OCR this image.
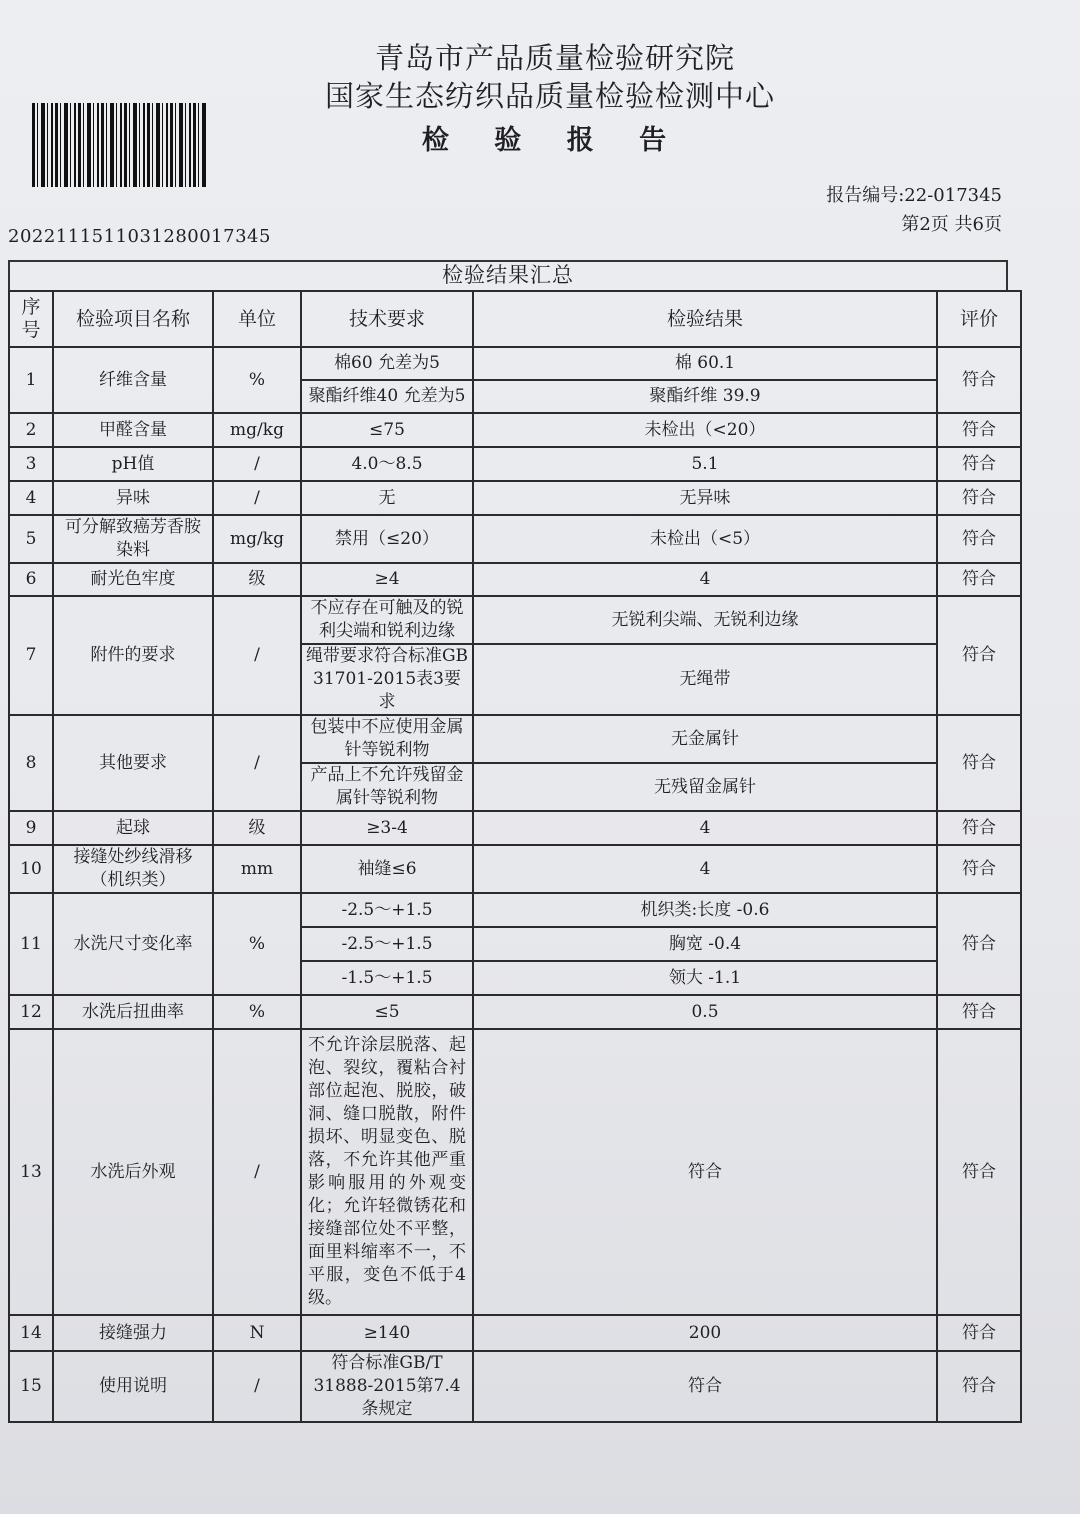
青岛市产品质量检验研究院
国家生态纺织品质量检验检测中心
检 验 报 告
2022111511031280017345
报告编号:22-017345
第2页 共6页
检验结果汇总
序号	检验项目名称	单位	技术要求	检验结果	评价
1	纤维含量	%	棉60 允差为5	棉 60.1	符合
			聚酯纤维40 允差为5	聚酯纤维 39.9	
2	甲醛含量	mg/kg	≤75	未检出（<20）	符合
3	pH值	/	4.0～8.5	5.1	符合
4	异味	/	无	无异味	符合
5	可分解致癌芳香胺染料	mg/kg	禁用（≤20）	未检出（<5）	符合
6	耐光色牢度	级	≥4	4	符合
7	附件的要求	/	不应存在可触及的锐利尖端和锐利边缘	无锐利尖端、无锐利边缘	符合
			绳带要求符合标准GB 31701-2015表3要求	无绳带	
8	其他要求	/	包装中不应使用金属针等锐利物	无金属针	符合
			产品上不允许残留金属针等锐利物	无残留金属针	
9	起球	级	≥3-4	4	符合
10	接缝处纱线滑移（机织类）	mm	袖缝≤6	4	符合
11	水洗尺寸变化率	%	-2.5～+1.5	机织类:长度 -0.6	符合
			-2.5～+1.5	胸宽 -0.4	
			-1.5～+1.5	领大 -1.1	
12	水洗后扭曲率	%	≤5	0.5	符合
13	水洗后外观	/	不允许涂层脱落、起泡、裂纹，覆粘合衬部位起泡、脱胶，破洞、缝口脱散，附件损坏、明显变色、脱落，不允许其他严重影响服用的外观变化；允许轻微锈花和接缝部位处不平整，面里料缩率不一，不平服，变色不低于4级。	符合	符合
14	接缝强力	N	≥140	200	符合
15	使用说明	/	符合标准GB/T 31888-2015第7.4条规定	符合	符合
